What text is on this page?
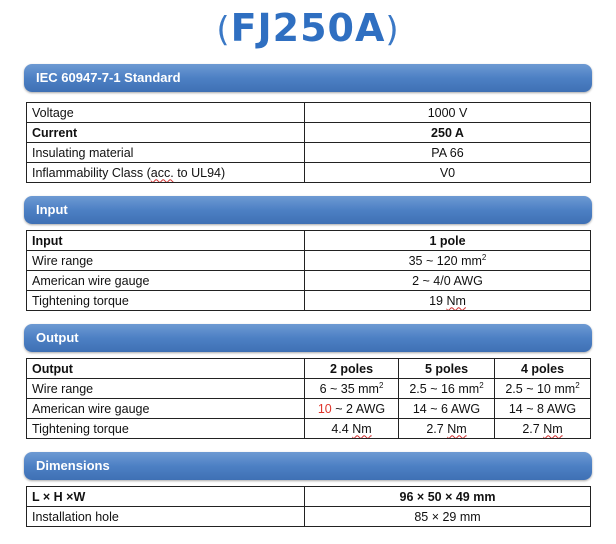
(FJ250A)
IEC 60947-7-1 Standard
Voltage	1000 V
Current	250 A
Insulating material	PA 66
Inflammability Class (acc. to UL94)	V0
Input
Input	1 pole
Wire range	35 ~ 120 $mm^2$
American wire gauge	2 ~ 4/0 AWG
Tightening torque	19 Nm
Output
Output	2 poles	5 poles	4 poles
Wire range	6 ~ 35 $mm^2$	2.5 ~ 16 $mm^2$	2.5 ~ 10 $mm^2$
American wire gauge	10 ~ 2 AWG	14 ~ 6 AWG	14 ~ 8 AWG
Tightening torque	4.4 Nm	2.7 Nm	2.7 Nm
Dimensions
L × H ×W	96 × 50 × 49 mm
Installation hole	85 × 29 mm
